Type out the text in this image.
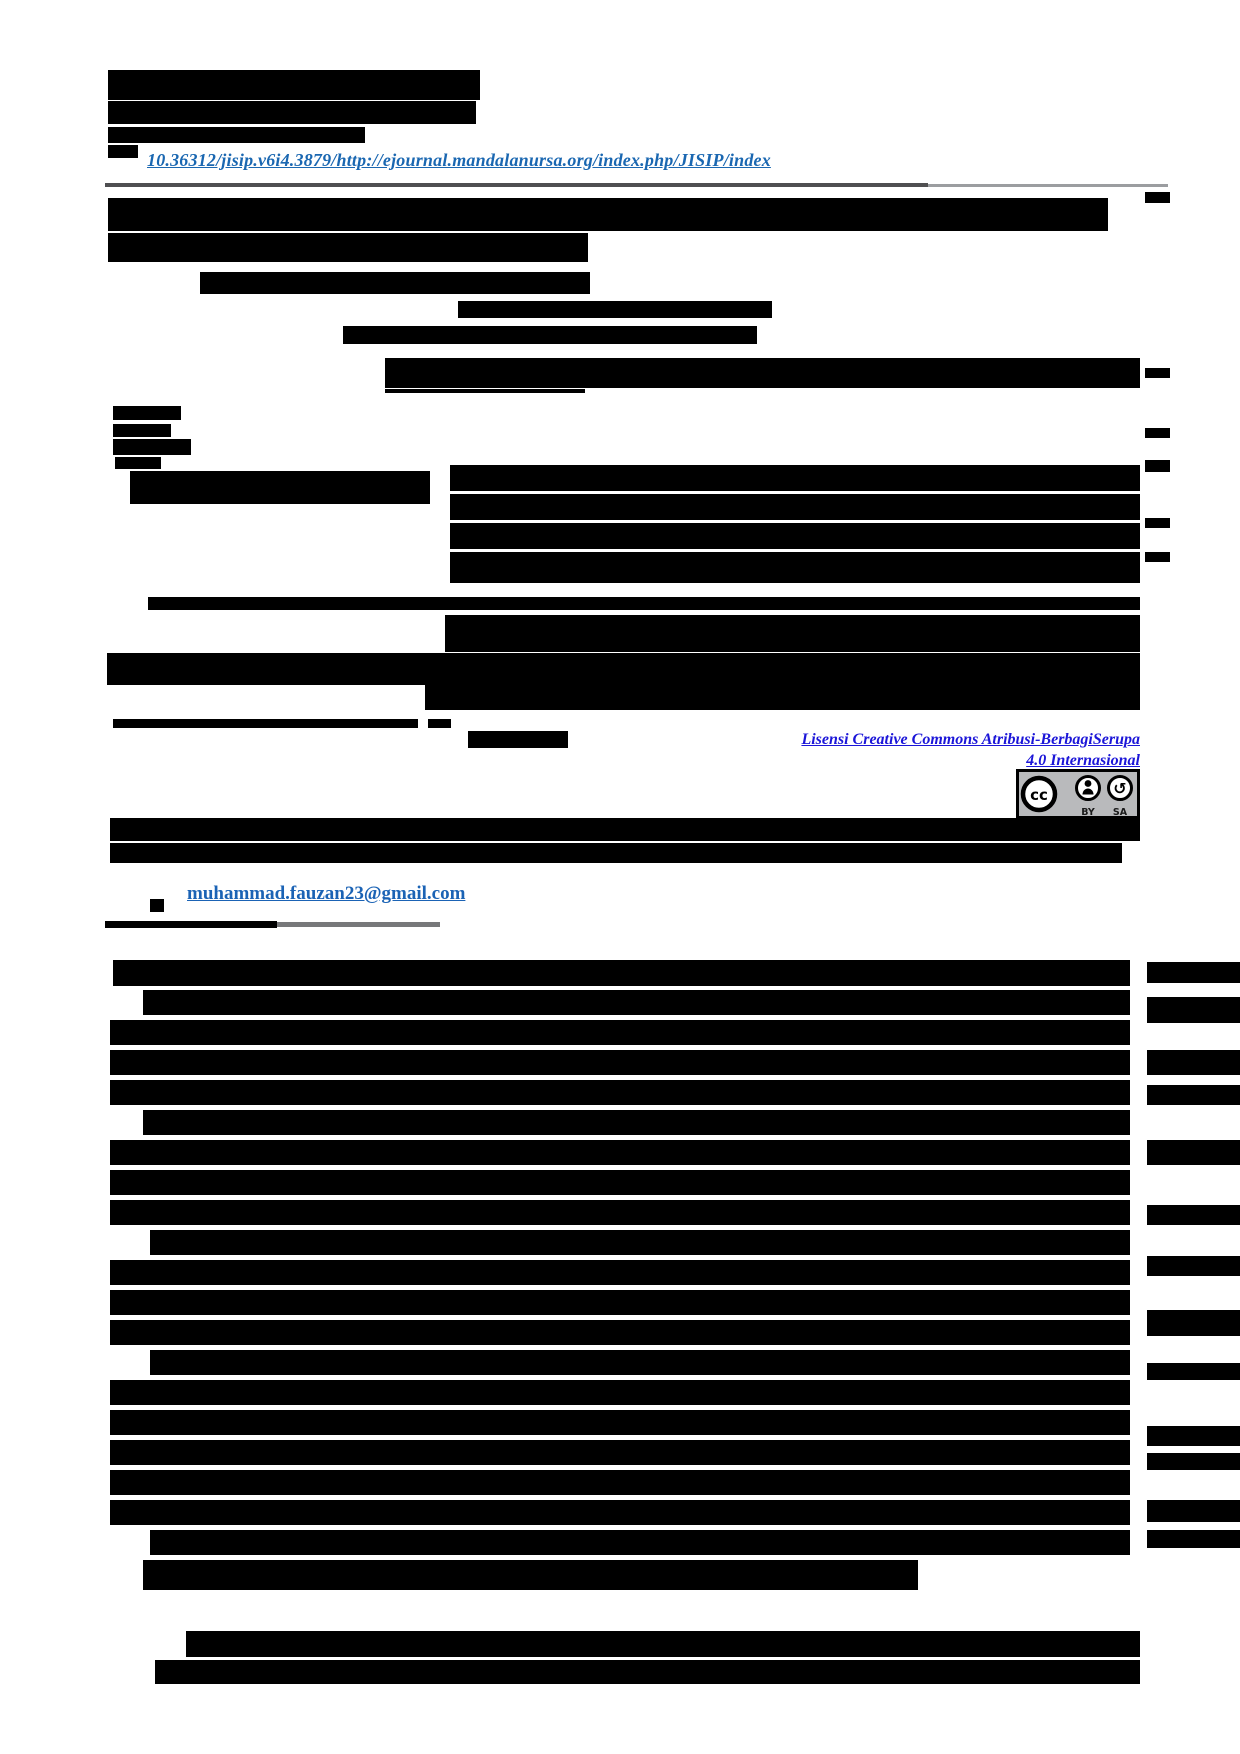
10.36312/jisip.v6i4.3879/http://ejournal.mandalanursa.org/index.php/JISIP/index
Lisensi Creative Commons Atribusi-BerbagiSerupa
4.0 Internasional
muhammad.fauzan23@gmail.com
cc	↺
BY SA
